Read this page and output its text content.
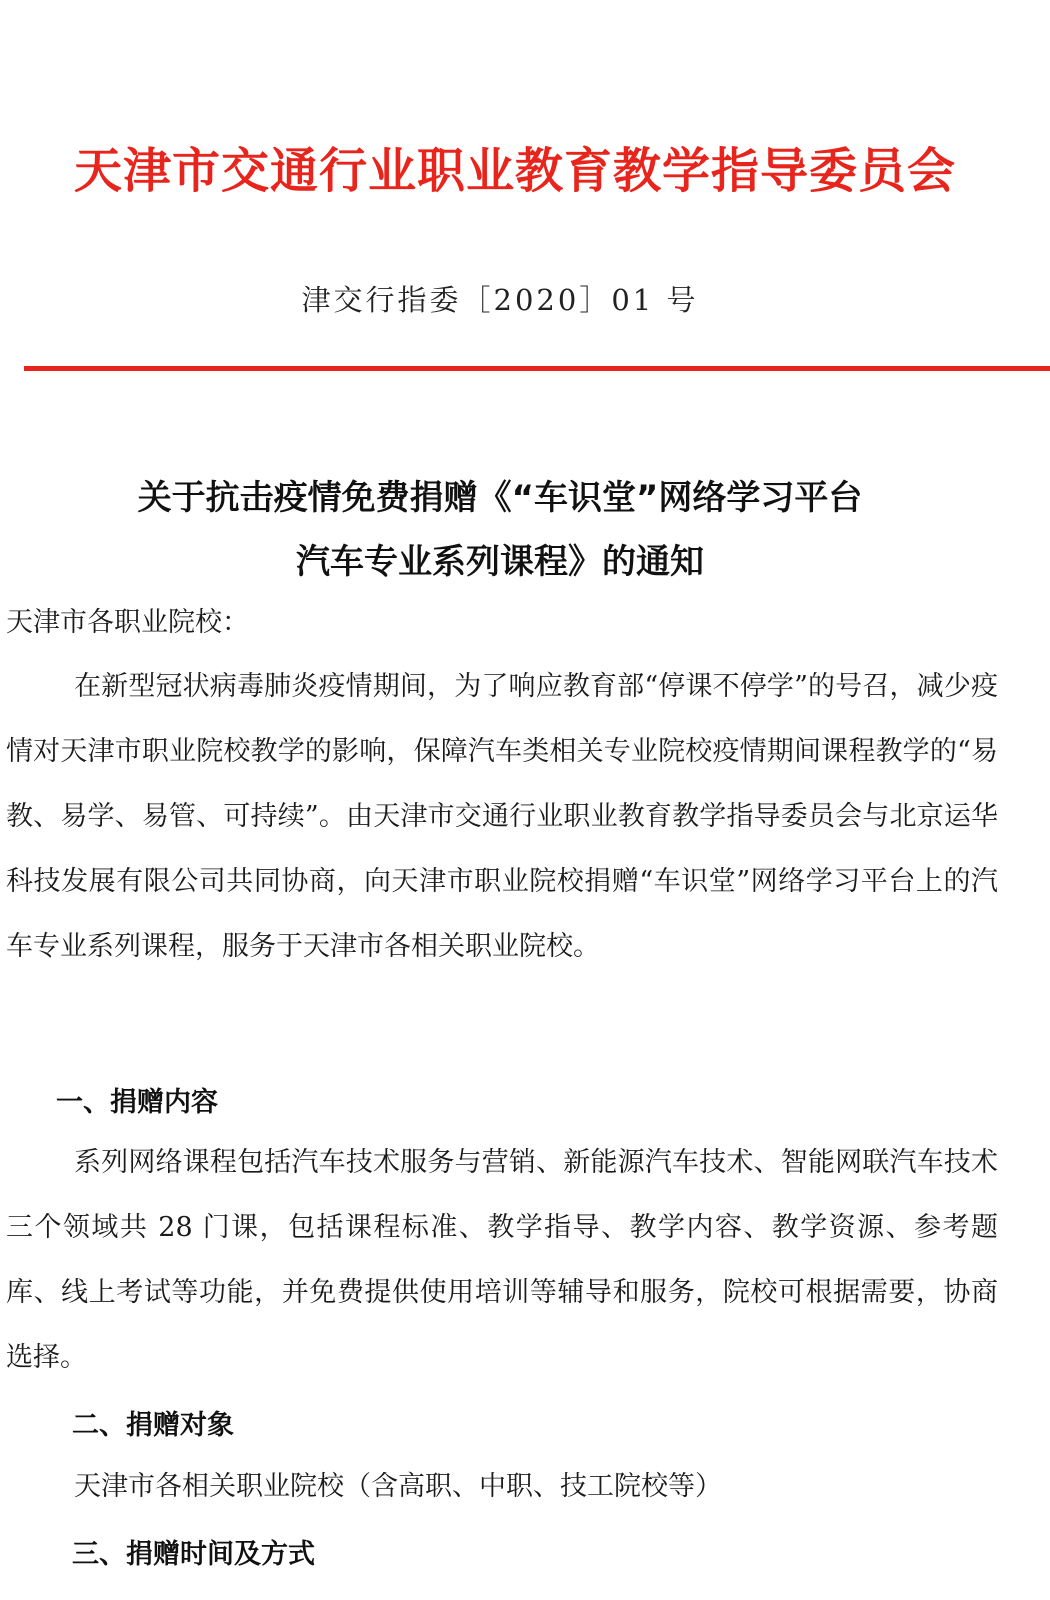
天津市交通行业职业教育教学指导委员会
津交行指委［2020］01 号
关于抗击疫情免费捐赠《“车识堂”网络学习平台
汽车专业系列课程》的通知
天津市各职业院校：
在新型冠状病毒肺炎疫情期间，为了响应教育部“停课不停学”的号召，减少疫情对天津市职业院校教学的影响，保障汽车类相关专业院校疫情期间课程教学的“易教、易学、易管、可持续”。由天津市交通行业职业教育教学指导委员会与北京运华科技发展有限公司共同协商，向天津市职业院校捐赠“车识堂”网络学习平台上的汽车专业系列课程，服务于天津市各相关职业院校。
一、捐赠内容
系列网络课程包括汽车技术服务与营销、新能源汽车技术、智能网联汽车技术三个领域共 28 门课，包括课程标准、教学指导、教学内容、教学资源、参考题库、线上考试等功能，并免费提供使用培训等辅导和服务，院校可根据需要，协商选择。
二、捐赠对象
天津市各相关职业院校（含高职、中职、技工院校等）
三、捐赠时间及方式
